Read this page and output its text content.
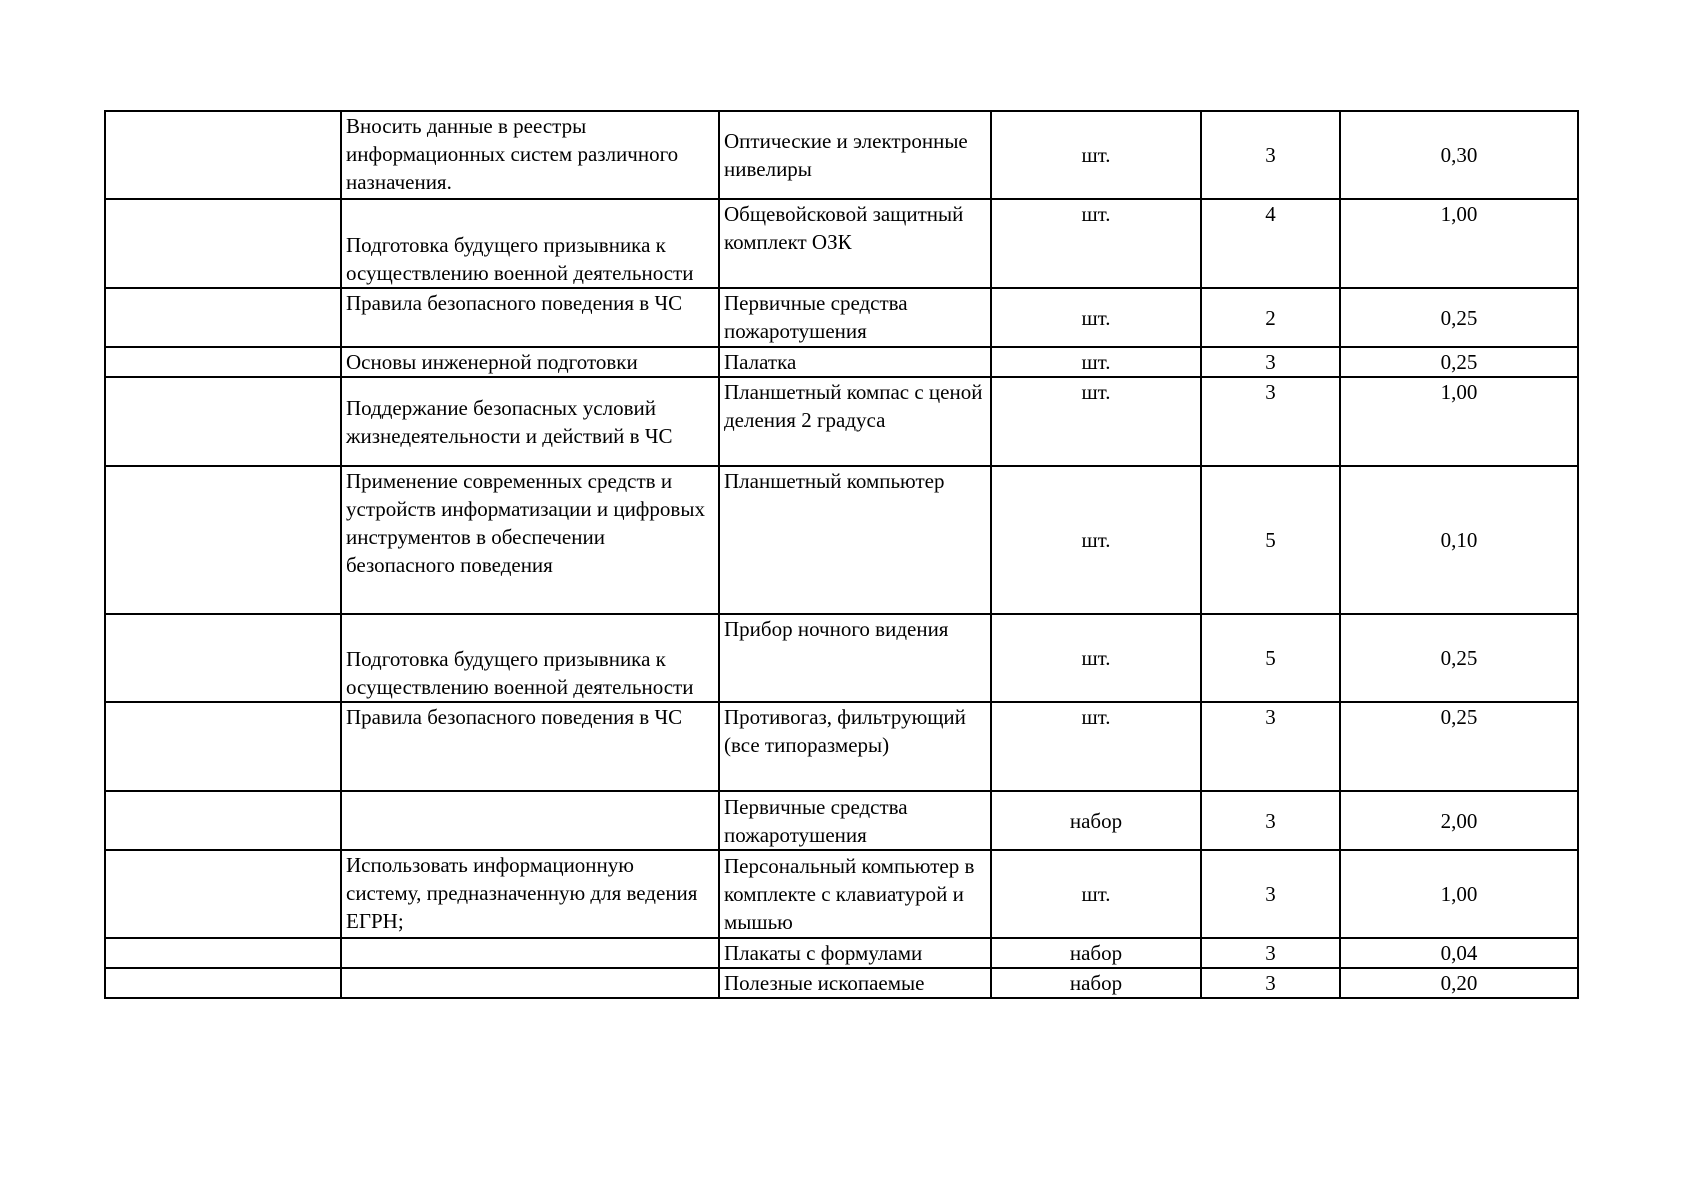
	Вносить данные в реестры информационных систем различного назначения.	Оптические и электронные нивелиры	шт.	3	0,30
	Подготовка будущего призывника к осуществлению военной деятельности	Общевойсковой защитный комплект ОЗК	шт.	4	1,00
	Правила безопасного поведения в ЧС	Первичные средства пожаротушения	шт.	2	0,25
	Основы инженерной подготовки	Палатка	шт.	3	0,25
	Поддержание безопасных условий жизнедеятельности и действий в ЧС	Планшетный компас с ценой деления 2 градуса	шт.	3	1,00
	Применение современных средств и устройств информатизации и цифровых инструментов в обеспечении безопасного поведения	Планшетный компьютер	шт.	5	0,10
	Подготовка будущего призывника к осуществлению военной деятельности	Прибор ночного видения	шт.	5	0,25
	Правила безопасного поведения в ЧС	Противогаз, фильтрующий (все типоразмеры)	шт.	3	0,25
		Первичные средства пожаротушения	набор	3	2,00
	Использовать информационную систему, предназначенную для ведения ЕГРН;	Персональный компьютер в комплекте с клавиатурой и мышью	шт.	3	1,00
		Плакаты с формулами	набор	3	0,04
		Полезные ископаемые	набор	3	0,20
